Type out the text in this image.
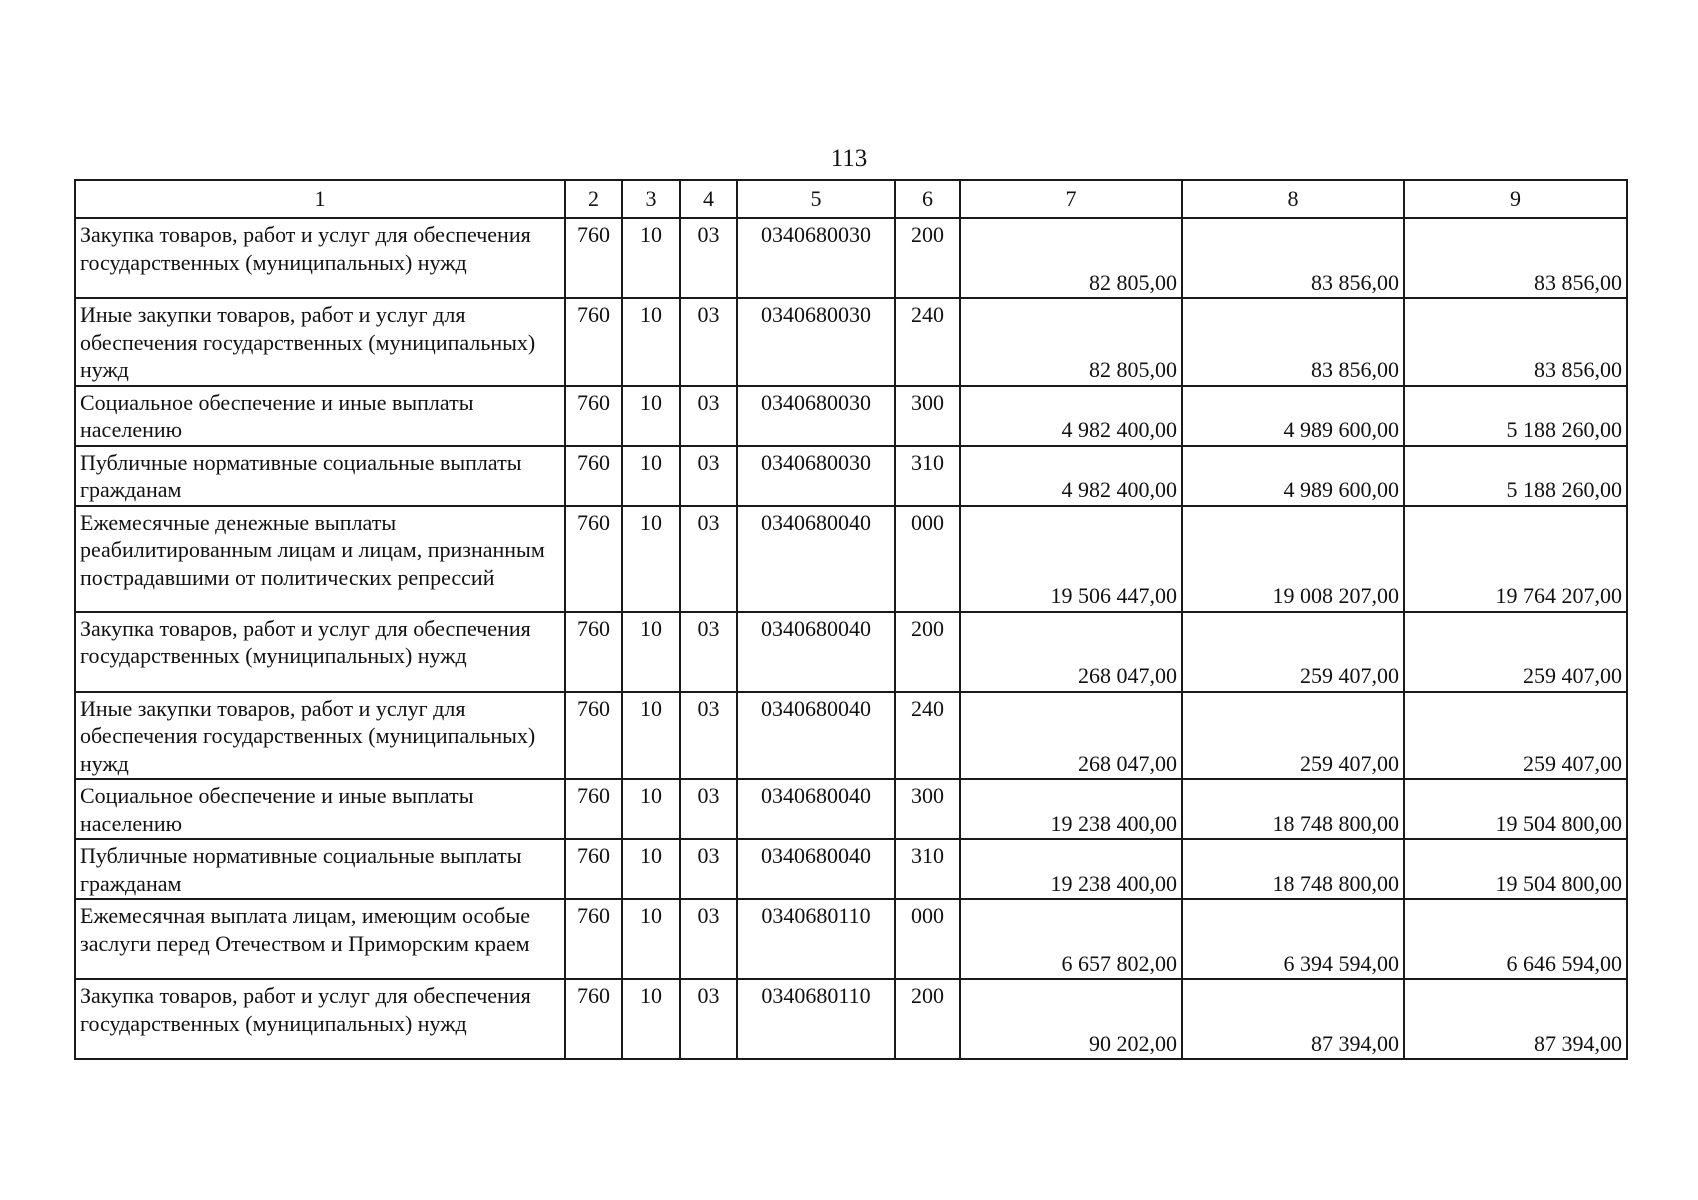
113
1	2	3	4	5	6	7	8	9
Закупка товаров, работ и услуг для обеспечения государственных (муниципальных) нужд	760	10	03	0340680030	200	82 805,00	83 856,00	83 856,00
Иные закупки товаров, работ и услуг для обеспечения государственных (муниципальных) нужд	760	10	03	0340680030	240	82 805,00	83 856,00	83 856,00
Социальное обеспечение и иные выплаты населению	760	10	03	0340680030	300	4 982 400,00	4 989 600,00	5 188 260,00
Публичные нормативные социальные выплаты гражданам	760	10	03	0340680030	310	4 982 400,00	4 989 600,00	5 188 260,00
Ежемесячные денежные выплаты реабилитированным лицам и лицам, признанным пострадавшими от политических репрессий	760	10	03	0340680040	000	19 506 447,00	19 008 207,00	19 764 207,00
Закупка товаров, работ и услуг для обеспечения государственных (муниципальных) нужд	760	10	03	0340680040	200	268 047,00	259 407,00	259 407,00
Иные закупки товаров, работ и услуг для обеспечения государственных (муниципальных) нужд	760	10	03	0340680040	240	268 047,00	259 407,00	259 407,00
Социальное обеспечение и иные выплаты населению	760	10	03	0340680040	300	19 238 400,00	18 748 800,00	19 504 800,00
Публичные нормативные социальные выплаты гражданам	760	10	03	0340680040	310	19 238 400,00	18 748 800,00	19 504 800,00
Ежемесячная выплата лицам, имеющим особые заслуги перед Отечеством и Приморским краем	760	10	03	0340680110	000	6 657 802,00	6 394 594,00	6 646 594,00
Закупка товаров, работ и услуг для обеспечения государственных (муниципальных) нужд	760	10	03	0340680110	200	90 202,00	87 394,00	87 394,00
